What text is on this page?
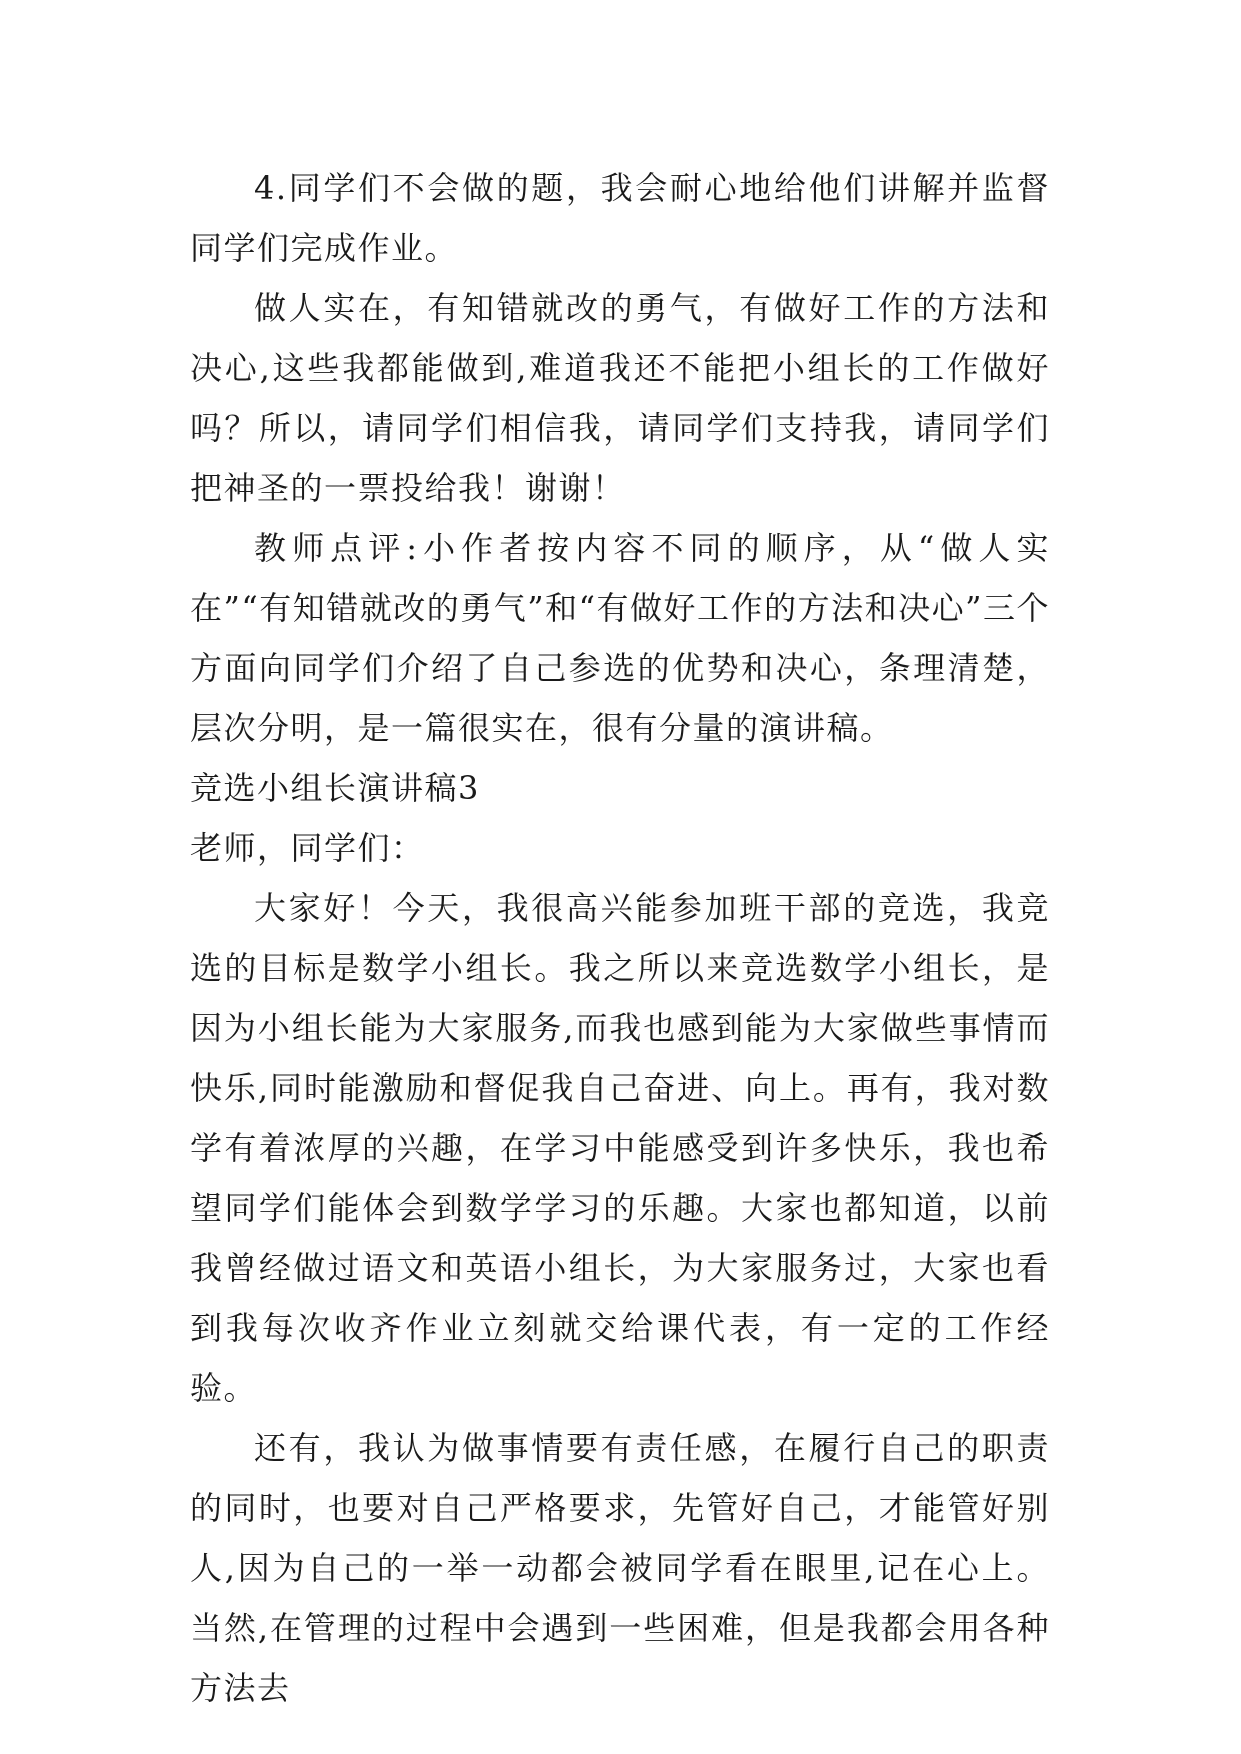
4.同学们不会做的题，我会耐心地给他们讲解并监督同学们完成作业。

做人实在，有知错就改的勇气，有做好工作的方法和决心,这些我都能做到,难道我还不能把小组长的工作做好吗？所以，请同学们相信我，请同学们支持我，请同学们把神圣的一票投给我！谢谢！

教师点评:小作者按内容不同的顺序，从“做人实在”“有知错就改的勇气”和“有做好工作的方法和决心”三个方面向同学们介绍了自己参选的优势和决心，条理清楚，层次分明，是一篇很实在，很有分量的演讲稿。

竞选小组长演讲稿3

老师，同学们：

大家好！今天，我很高兴能参加班干部的竞选，我竞选的目标是数学小组长。我之所以来竞选数学小组长，是因为小组长能为大家服务,而我也感到能为大家做些事情而快乐,同时能激励和督促我自己奋进、向上。再有，我对数学有着浓厚的兴趣，在学习中能感受到许多快乐，我也希望同学们能体会到数学学习的乐趣。大家也都知道，以前我曾经做过语文和英语小组长，为大家服务过，大家也看到我每次收齐作业立刻就交给课代表，有一定的工作经验。

还有，我认为做事情要有责任感，在履行自己的职责的同时，也要对自己严格要求，先管好自己，才能管好别人,因为自己的一举一动都会被同学看在眼里,记在心上。当然,在管理的过程中会遇到一些困难，但是我都会用各种方法去
